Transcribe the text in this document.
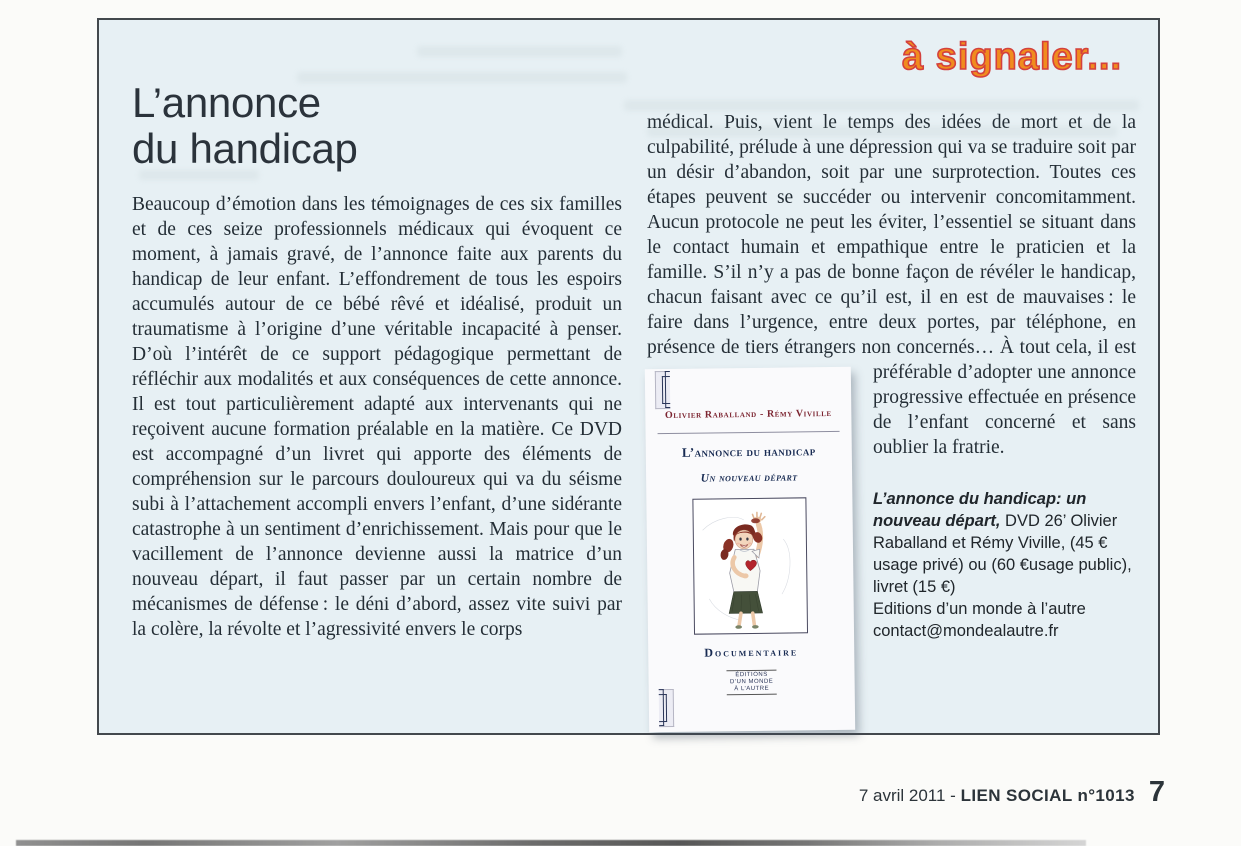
à signaler...
L’annonce
du handicap
Beaucoup d’émotion dans les témoignages de ces six familles et de ces seize professionnels médicaux qui évoquent ce moment, à jamais gravé, de l’annonce faite aux parents du handicap de leur enfant. L’effondrement de tous les espoirs accumulés autour de ce bébé rêvé et idéalisé, produit un traumatisme à l’origine d’une véritable incapacité à penser. D’où l’intérêt de ce support pédagogique permettant de réfléchir aux modalités et aux conséquences de cette annonce. Il est tout particulièrement adapté aux intervenants qui ne reçoivent aucune formation préalable en la matière. Ce DVD est accompagné d’un livret qui apporte des éléments de compréhension sur le parcours douloureux qui va du séisme subi à l’attachement accompli envers l’enfant, d’une sidérante catastrophe à un sentiment d’enrichissement. Mais pour que le vacillement de l’annonce devienne aussi la matrice d’un nouveau départ, il faut passer par un certain nombre de mécanismes de défense : le déni d’abord, assez vite suivi par la colère, la révolte et l’agressivité envers le corps
médical. Puis, vient le temps des idées de mort et de la culpabilité, prélude à une dépression qui va se traduire soit par un désir d’abandon, soit par une surprotection. Toutes ces étapes peuvent se succéder ou intervenir concomitamment. Aucun protocole ne peut les éviter, l’essentiel se situant dans le contact humain et empathique entre le praticien et la famille. S’il n’y a pas de bonne façon de révéler le handicap, chacun faisant avec ce qu’il est, il en est de mauvaises : le faire dans l’urgence, entre deux portes, par téléphone, en présence de tiers étrangers non concernés… À tout
Olivier Raballand - Rémy Viville
L’annonce du handicap
Un nouveau départ
Documentaire
ÉDITIONS
D’UN MONDE
À L’AUTRE
cela, il est préférable d’adopter une annonce progressive effectuée en présence de l’enfant concerné et sans oublier la fratrie.

L’annonce du handicap: un nouveau départ, DVD 26’ Olivier Raballand et Rémy Viville, (45 € usage privé) ou (60 €usage public), livret (15 €)

Editions d’un monde à l’autre

contact@mondealautre.fr

7 avril 2011 - LIEN SOCIAL n°1013 7
